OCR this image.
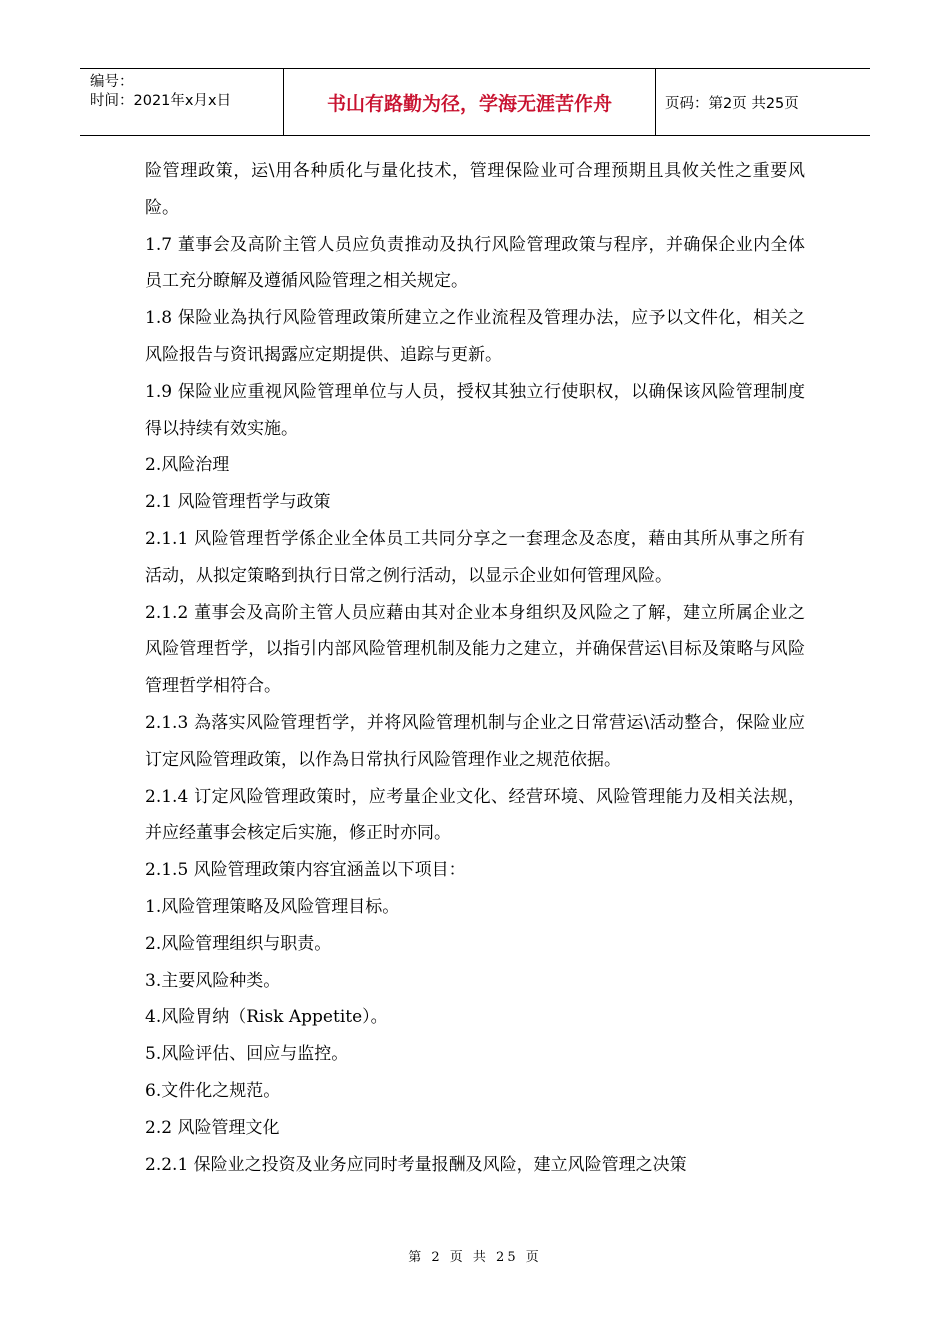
编号：
时间：2021年x月x日	书山有路勤为径，学海无涯苦作舟	页码：第2页 共25页

险管理政策，运\用各种质化与量化技术，管理保险业可合理预期且具攸关性之重要风险。

1.7 董事会及高阶主管人员应负责推动及执行风险管理政策与程序，并确保企业内全体员工充分瞭解及遵循风险管理之相关规定。

1.8 保险业為执行风险管理政策所建立之作业流程及管理办法，应予以文件化，相关之风险报告与资讯揭露应定期提供、追踪与更新。

1.9 保险业应重视风险管理单位与人员，授权其独立行使职权，以确保该风险管理制度得以持续有效实施。

2.风险治理

2.1 风险管理哲学与政策

2.1.1 风险管理哲学係企业全体员工共同分享之一套理念及态度，藉由其所从事之所有活动，从拟定策略到执行日常之例行活动，以显示企业如何管理风险。

2.1.2 董事会及高阶主管人员应藉由其对企业本身组织及风险之了解，建立所属企业之风险管理哲学，以指引内部风险管理机制及能力之建立，并确保营运\目标及策略与风险管理哲学相符合。

2.1.3 為落实风险管理哲学，并将风险管理机制与企业之日常营运\活动整合，保险业应订定风险管理政策，以作為日常执行风险管理作业之规范依据。

2.1.4 订定风险管理政策时，应考量企业文化、经营环境、风险管理能力及相关法规，并应经董事会核定后实施，修正时亦同。

2.1.5 风险管理政策内容宜涵盖以下项目：

1.风险管理策略及风险管理目标。

2.风险管理组织与职责。

3.主要风险种类。

4.风险胃纳（Risk Appetite）。

5.风险评估、回应与监控。

6.文件化之规范。

2.2 风险管理文化

2.2.1 保险业之投资及业务应同时考量报酬及风险，建立风险管理之决策

第 2 页 共 25 页
